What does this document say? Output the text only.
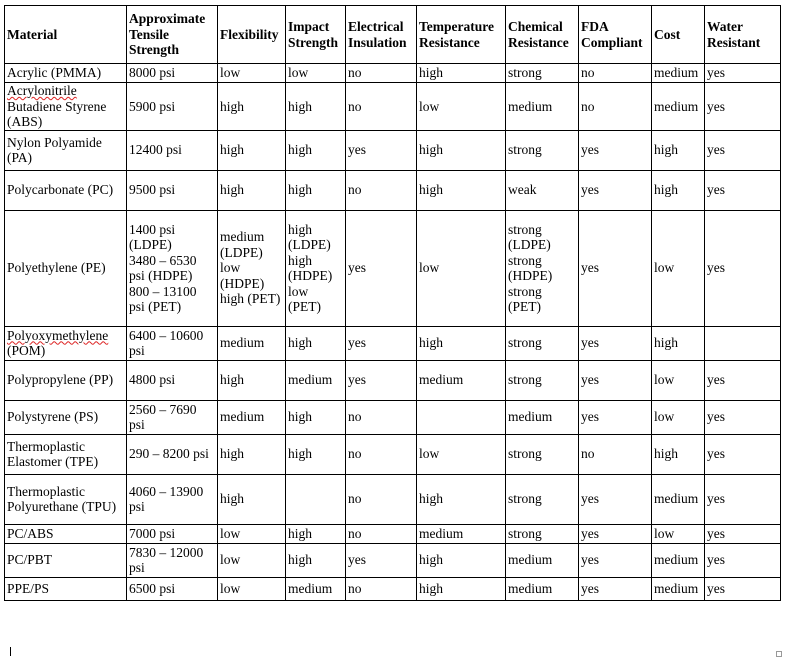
Material	Approximate Tensile Strength	Flexibility	Impact Strength	Electrical Insulation	Temperature Resistance	Chemical Resistance	FDA Compliant	Cost	Water Resistant

Acrylic (PMMA)	8000 psi	low	low	no	high	strong	no	medium	yes

Acrylonitrile Butadiene Styrene (ABS)	5900 psi	high	high	no	low	medium	no	medium	yes

Nylon Polyamide (PA)	12400 psi	high	high	yes	high	strong	yes	high	yes

Polycarbonate (PC)	9500 psi	high	high	no	high	weak	yes	high	yes

Polyethylene (PE)	1400 psi (LDPE)
3480 – 6530 psi (HDPE)
800 – 13100 psi (PET)	medium (LDPE)
low (HDPE)
high (PET)	high (LDPE)
high (HDPE)
low (PET)	yes	low	strong (LDPE)
strong (HDPE)
strong (PET)	yes	low	yes

Polyoxymethylene (POM)	6400 – 10600 psi	medium	high	yes	high	strong	yes	high	

Polypropylene (PP)	4800 psi	high	medium	yes	medium	strong	yes	low	yes

Polystyrene (PS)	2560 – 7690 psi	medium	high	no		medium	yes	low	yes

Thermoplastic Elastomer (TPE)	290 – 8200 psi	high	high	no	low	strong	no	high	yes

Thermoplastic Polyurethane (TPU)	4060 – 13900 psi	high		no	high	strong	yes	medium	yes

PC/ABS	7000 psi	low	high	no	medium	strong	yes	low	yes

PC/PBT	7830 – 12000 psi	low	high	yes	high	medium	yes	medium	yes

PPE/PS	6500 psi	low	medium	no	high	medium	yes	medium	yes
